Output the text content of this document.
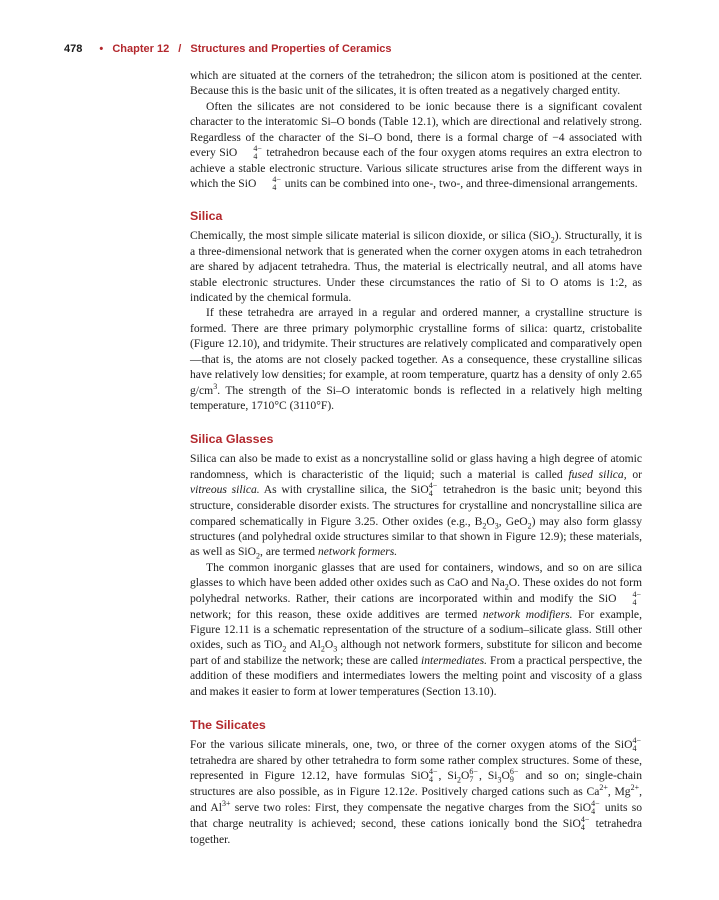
478 • Chapter 12 / Structures and Properties of Ceramics

which are situated at the corners of the tetrahedron; the silicon atom is positioned at the center. Because this is the basic unit of the silicates, it is often treated as a negatively charged entity.

Often the silicates are not considered to be ionic because there is a significant covalent character to the interatomic Si–O bonds (Table 12.1), which are directional and relatively strong. Regardless of the character of the Si–O bond, there is a formal charge of −4 associated with every SiO	4−
4 tetrahedron because each of the four oxygen atoms requires an extra electron to achieve a stable electronic structure. Various silicate structures arise from the different ways in which the SiO	4−
4 units can be combined into one-, two-, and three-dimensional arrangements.

Silica

Chemically, the most simple silicate material is silicon dioxide, or silica (SiO$_2$). Structurally, it is a three-dimensional network that is generated when the corner oxygen atoms in each tetrahedron are shared by adjacent tetrahedra. Thus, the material is electrically neutral, and all atoms have stable electronic structures. Under these circumstances the ratio of Si to O atoms is 1:2, as indicated by the chemical formula.

If these tetrahedra are arrayed in a regular and ordered manner, a crystalline structure is formed. There are three primary polymorphic crystalline forms of silica: quartz, cristobalite (Figure 12.10), and tridymite. Their structures are relatively complicated and comparatively open—that is, the atoms are not closely packed together. As a consequence, these crystalline silicas have relatively low densities; for example, at room temperature, quartz has a density of only 2.65 $g/cm^3$. The strength of the Si–O interatomic bonds is reflected in a relatively high melting temperature, 1710°C (3110°F).

Silica Glasses

Silica can also be made to exist as a noncrystalline solid or glass having a high degree of atomic randomness, which is characteristic of the liquid; such a material is called fused silica, or vitreous silica. As with crystalline silica, the SiO 4−
4 tetrahedron is the basic unit; beyond this structure, considerable disorder exists. The structures for crystalline and noncrystalline silica are compared schematically in Figure 3.25. Other oxides (e.g., $B_2O_3$, GeO$_2$) may also form glassy structures (and polyhedral oxide structures similar to that shown in Figure 12.9); these materials, as well as SiO$_2$, are termed network formers.

The common inorganic glasses that are used for containers, windows, and so on are silica glasses to which have been added other oxides such as CaO and $Na_2O$. These oxides do not form polyhedral networks. Rather, their cations are incorporated within and modify the SiO	4−
4
network; for this reason, these oxide additives are termed network modifiers. For example, Figure 12.11 is a schematic representation of the structure of a sodium–silicate glass. Still other oxides, such as TiO$_2$ and $Al_2O_3$ although not network formers, substitute for silicon and become part of and stabilize the network; these are called intermediates. From a practical perspective, the addition of these modifiers and intermediates lowers the melting point and viscosity of a glass and makes it easier to form at lower temperatures (Section 13.10).

The Silicates

For the various silicate minerals, one, two, or three of the corner oxygen atoms of the SiO 4−
4
tetrahedra are shared by other tetrahedra to form some rather complex structures. Some of these, represented in Figure 12.12, have formulas SiO 4−
4 , $Si_2O$ 6−
7 , $Si_3O$ 6−
9 and so on; single-chain structures are also possible, as in Figure 12.12e. Positively charged cations such as $Ca^{2+}$, $Mg^{2+}$, and $Al^{3+}$ serve two roles: First, they compensate the negative charges from the SiO 4−
4 units so that charge neutrality is achieved; second, these cations ionically bond the SiO 4−
4 tetrahedra together.
